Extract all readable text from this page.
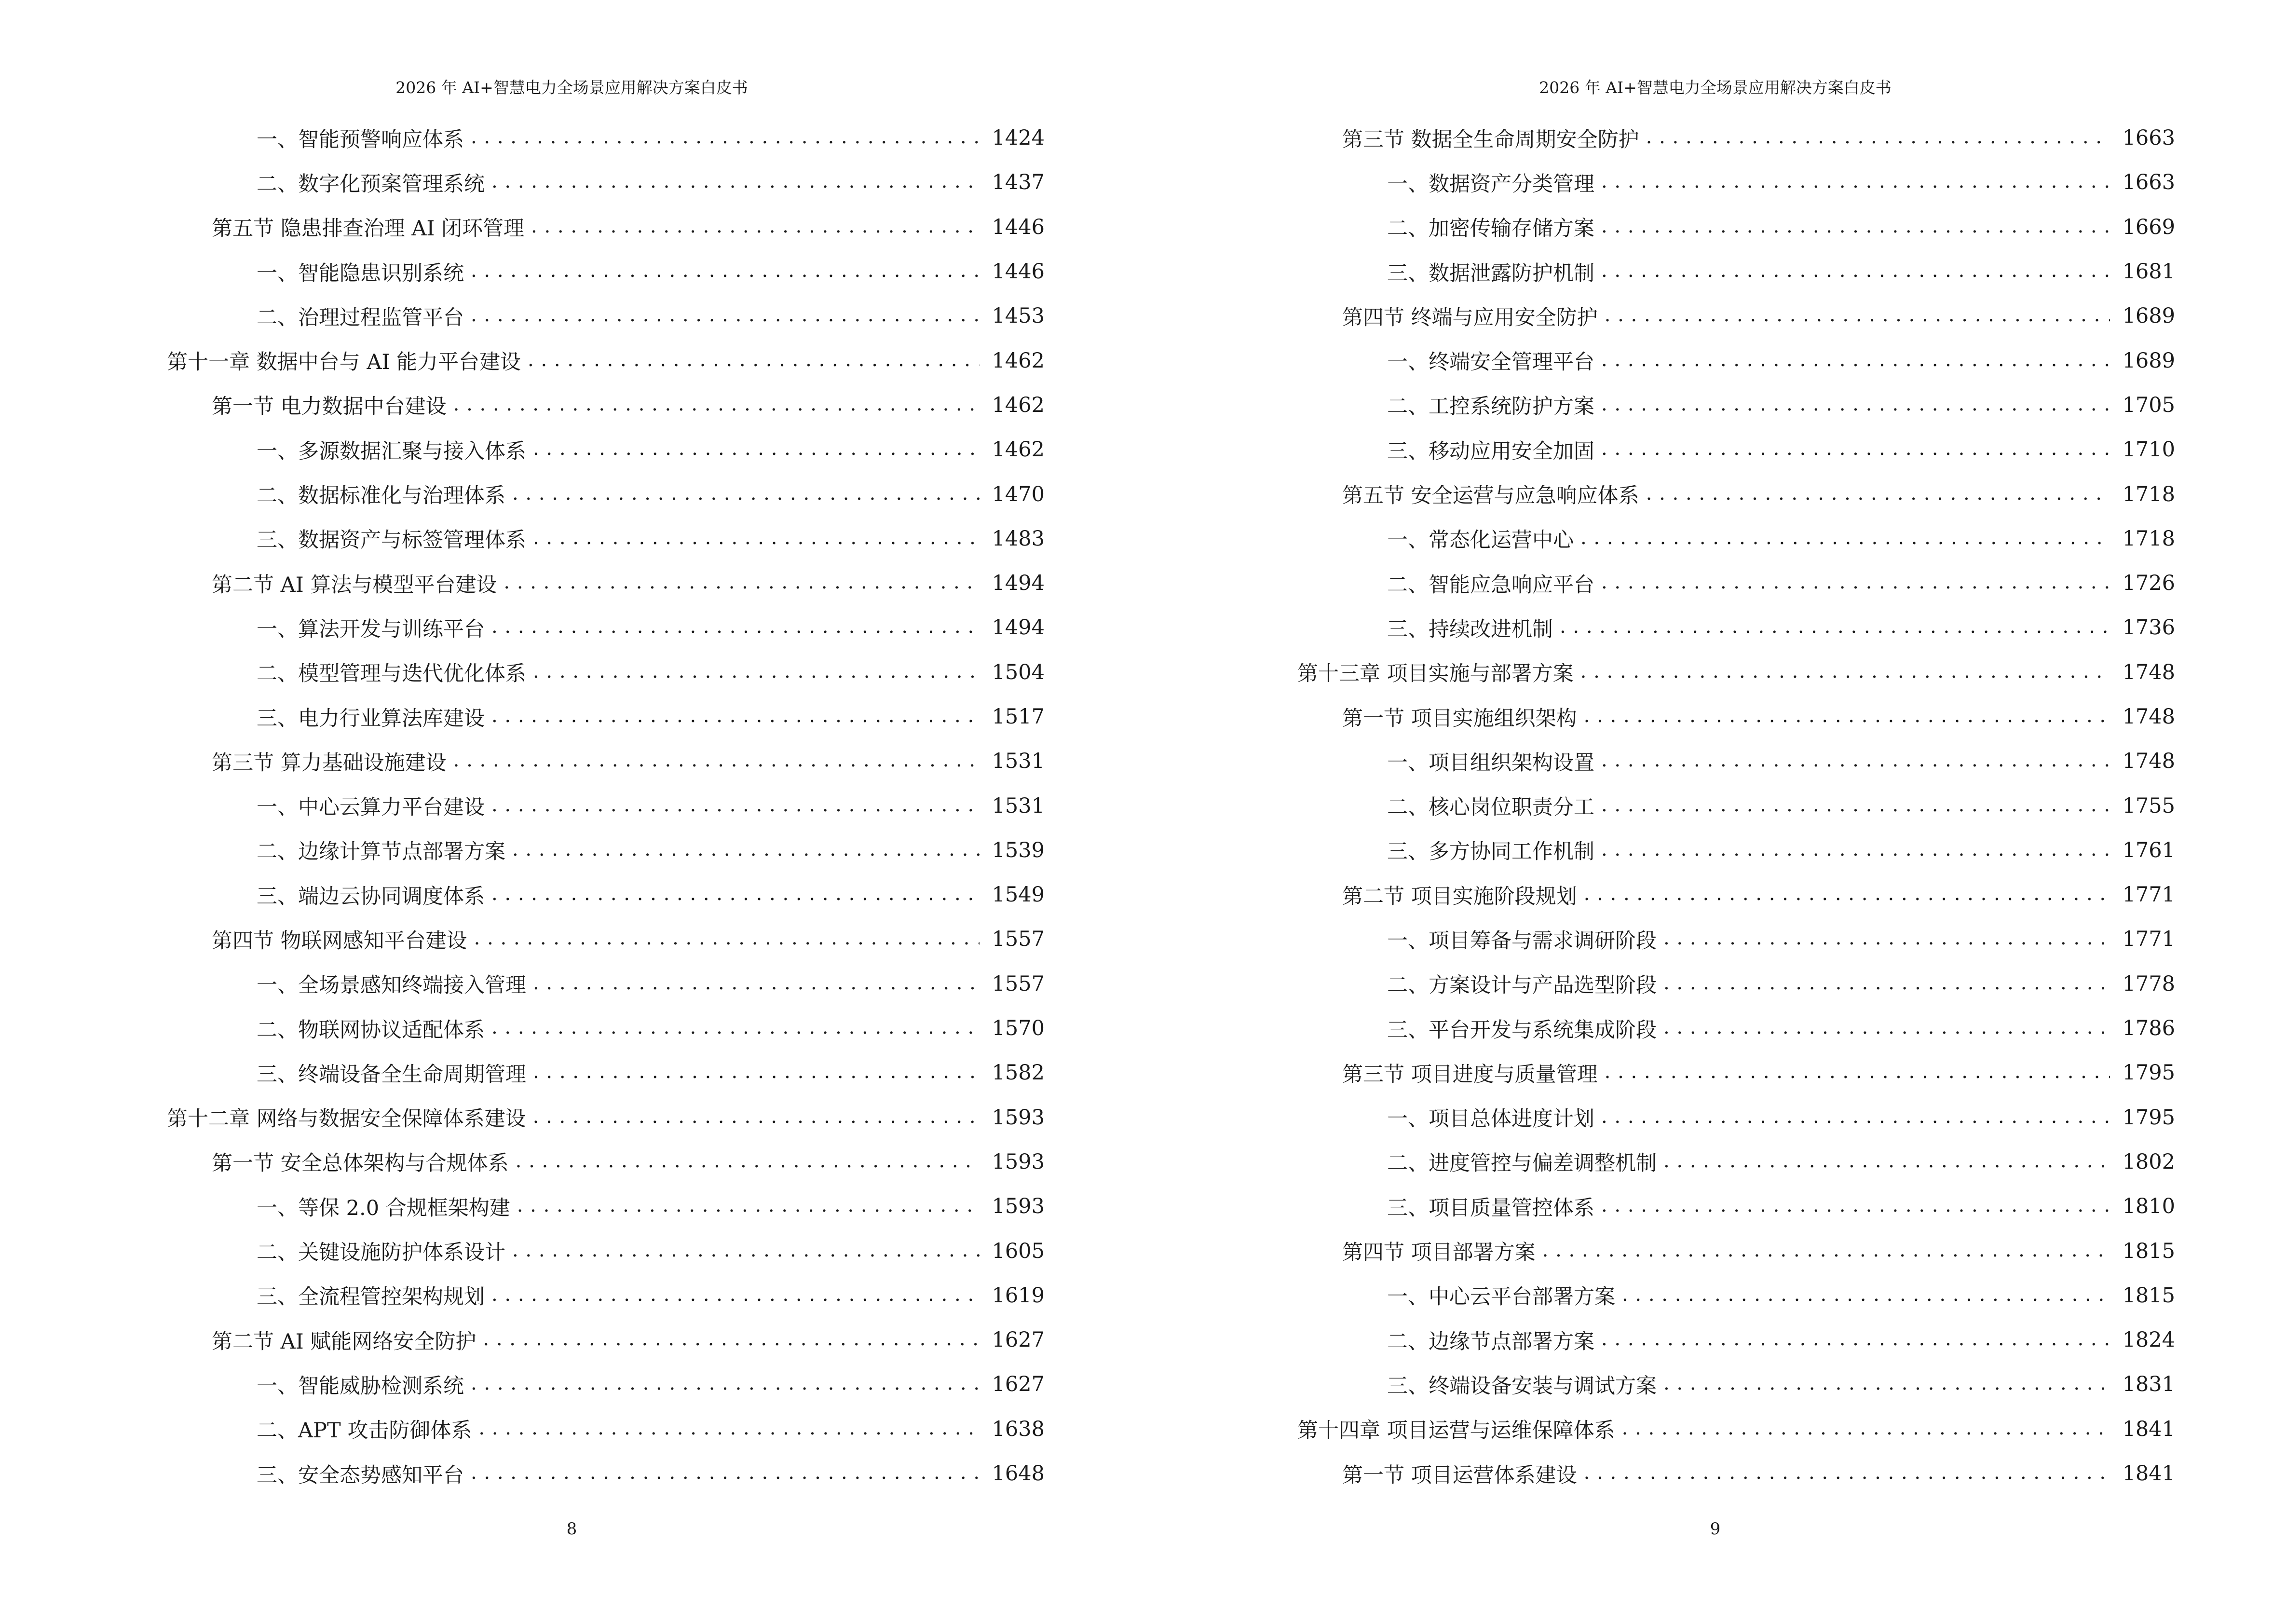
2026 年 AI+智慧电力全场景应用解决方案白皮书
一、智能预警响应体系 . . .	1424
二、数字化预案管理系统 . . .	1437
第五节 隐患排查治理 AI 闭环管理 . . .	1446
一、智能隐患识别系统 . . .	1446
二、治理过程监管平台 . . .	1453
第十一章 数据中台与 AI 能力平台建设 . . .	1462
第一节 电力数据中台建设 . . .	1462
一、多源数据汇聚与接入体系 . . .	1462
二、数据标准化与治理体系 . . .	1470
三、数据资产与标签管理体系 . . .	1483
第二节 AI 算法与模型平台建设 . . .	1494
一、算法开发与训练平台 . . .	1494
二、模型管理与迭代优化体系 . . .	1504
三、电力行业算法库建设 . . .	1517
第三节 算力基础设施建设 . . .	1531
一、中心云算力平台建设 . . .	1531
二、边缘计算节点部署方案 . . .	1539
三、端边云协同调度体系 . . .	1549
第四节 物联网感知平台建设 . . .	1557
一、全场景感知终端接入管理 . . .	1557
二、物联网协议适配体系 . . .	1570
三、终端设备全生命周期管理 . . .	1582
第十二章 网络与数据安全保障体系建设 . . .	1593
第一节 安全总体架构与合规体系 . . .	1593
一、等保 2.0 合规框架构建 . . .	1593
二、关键设施防护体系设计 . . .	1605
三、全流程管控架构规划 . . .	1619
第二节 AI 赋能网络安全防护 . . .	1627
一、智能威胁检测系统 . . .	1627
二、APT 攻击防御体系 . . .	1638
三、安全态势感知平台 . . .	1648
8
2026 年 AI+智慧电力全场景应用解决方案白皮书
第三节 数据全生命周期安全防护 . . .	1663
一、数据资产分类管理 . . .	1663
二、加密传输存储方案 . . .	1669
三、数据泄露防护机制 . . .	1681
第四节 终端与应用安全防护 . . .	1689
一、终端安全管理平台 . . .	1689
二、工控系统防护方案 . . .	1705
三、移动应用安全加固 . . .	1710
第五节 安全运营与应急响应体系 . . .	1718
一、常态化运营中心 . . .	1718
二、智能应急响应平台 . . .	1726
三、持续改进机制 . . .	1736
第十三章 项目实施与部署方案 . . .	1748
第一节 项目实施组织架构 . . .	1748
一、项目组织架构设置 . . .	1748
二、核心岗位职责分工 . . .	1755
三、多方协同工作机制 . . .	1761
第二节 项目实施阶段规划 . . .	1771
一、项目筹备与需求调研阶段 . . .	1771
二、方案设计与产品选型阶段 . . .	1778
三、平台开发与系统集成阶段 . . .	1786
第三节 项目进度与质量管理 . . .	1795
一、项目总体进度计划 . . .	1795
二、进度管控与偏差调整机制 . . .	1802
三、项目质量管控体系 . . .	1810
第四节 项目部署方案 . . .	1815
一、中心云平台部署方案 . . .	1815
二、边缘节点部署方案 . . .	1824
三、终端设备安装与调试方案 . . .	1831
第十四章 项目运营与运维保障体系 . . .	1841
第一节 项目运营体系建设 . . .	1841
9
